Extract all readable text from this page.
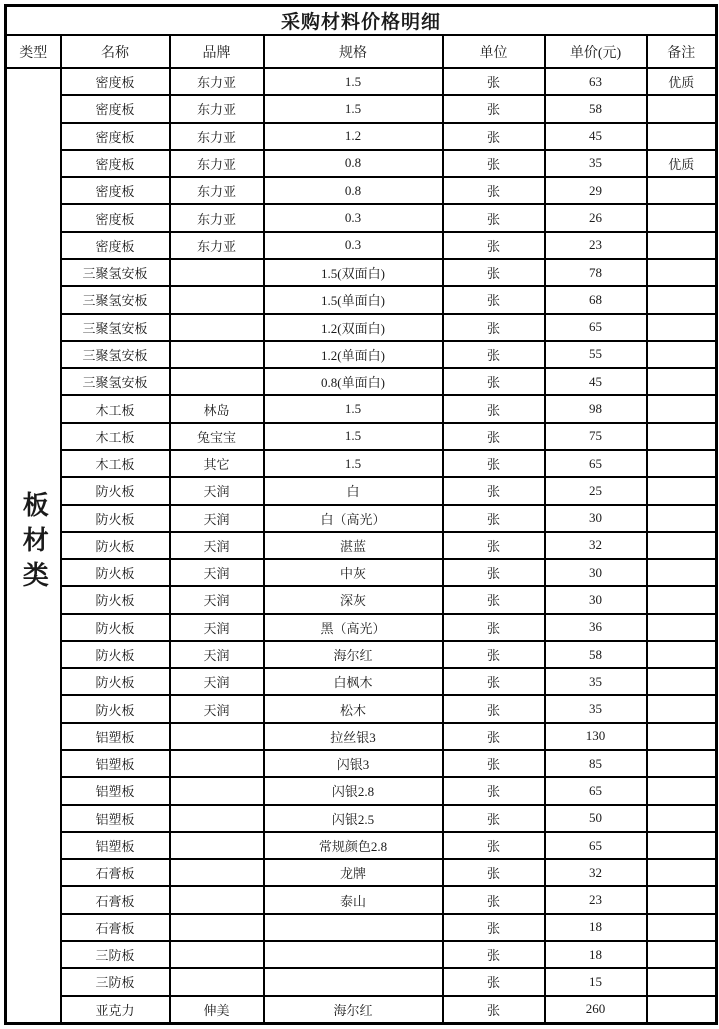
采购材料价格明细						
类型	名称	品牌	规格	单位	单价(元)	备注
板材类	密度板	东力亚	1.5	张	63	优质
	密度板	东力亚	1.5	张	58	
	密度板	东力亚	1.2	张	45	
	密度板	东力亚	0.8	张	35	优质
	密度板	东力亚	0.8	张	29	
	密度板	东力亚	0.3	张	26	
	密度板	东力亚	0.3	张	23	
	三聚氢安板		1.5(双面白)	张	78	
	三聚氢安板		1.5(单面白)	张	68	
	三聚氢安板		1.2(双面白)	张	65	
	三聚氢安板		1.2(单面白)	张	55	
	三聚氢安板		0.8(单面白)	张	45	
	木工板	林岛	1.5	张	98	
	木工板	兔宝宝	1.5	张	75	
	木工板	其它	1.5	张	65	
	防火板	天润	白	张	25	
	防火板	天润	白（高光）	张	30	
	防火板	天润	湛蓝	张	32	
	防火板	天润	中灰	张	30	
	防火板	天润	深灰	张	30	
	防火板	天润	黑（高光）	张	36	
	防火板	天润	海尔红	张	58	
	防火板	天润	白枫木	张	35	
	防火板	天润	松木	张	35	
	铝塑板		拉丝银3	张	130	
	铝塑板		闪银3	张	85	
	铝塑板		闪银2.8	张	65	
	铝塑板		闪银2.5	张	50	
	铝塑板		常规颜色2.8	张	65	
	石膏板		龙牌	张	32	
	石膏板		泰山	张	23	
	石膏板			张	18	
	三防板			张	18	
	三防板			张	15	
	亚克力	伸美	海尔红	张	260	
